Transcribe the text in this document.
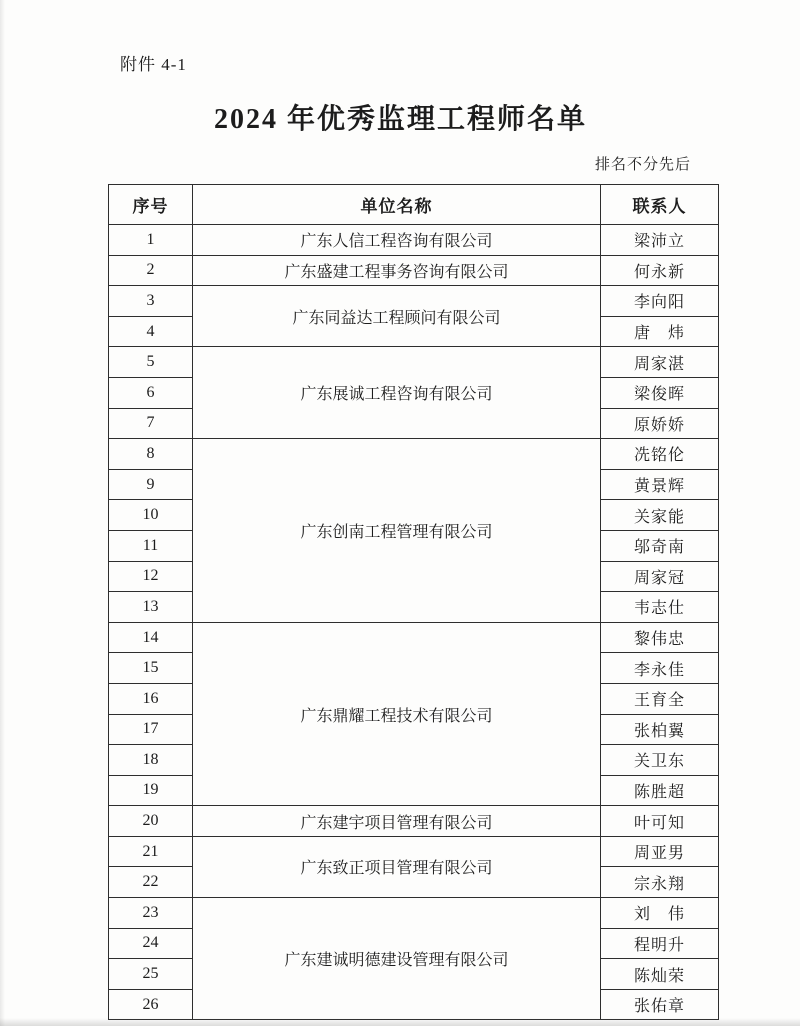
附件 4-1
2024 年优秀监理工程师名单
排名不分先后
序号	单位名称	联系人
1	广东人信工程咨询有限公司	梁沛立
2	广东盛建工程事务咨询有限公司	何永新
3	广东同益达工程顾问有限公司	李向阳
4		唐　炜
5	广东展诚工程咨询有限公司	周家湛
6		梁俊晖
7		原娇娇
8	广东创南工程管理有限公司	冼铭伦
9		黄景辉
10		关家能
11		邬奇南
12		周家冠
13		韦志仕
14	广东鼎耀工程技术有限公司	黎伟忠
15		李永佳
16		王育全
17		张柏翼
18		关卫东
19		陈胜超
20	广东建宇项目管理有限公司	叶可知
21	广东致正项目管理有限公司	周亚男
22		宗永翔
23	广东建诚明德建设管理有限公司	刘　伟
24		程明升
25		陈灿荣
26		张佑章
